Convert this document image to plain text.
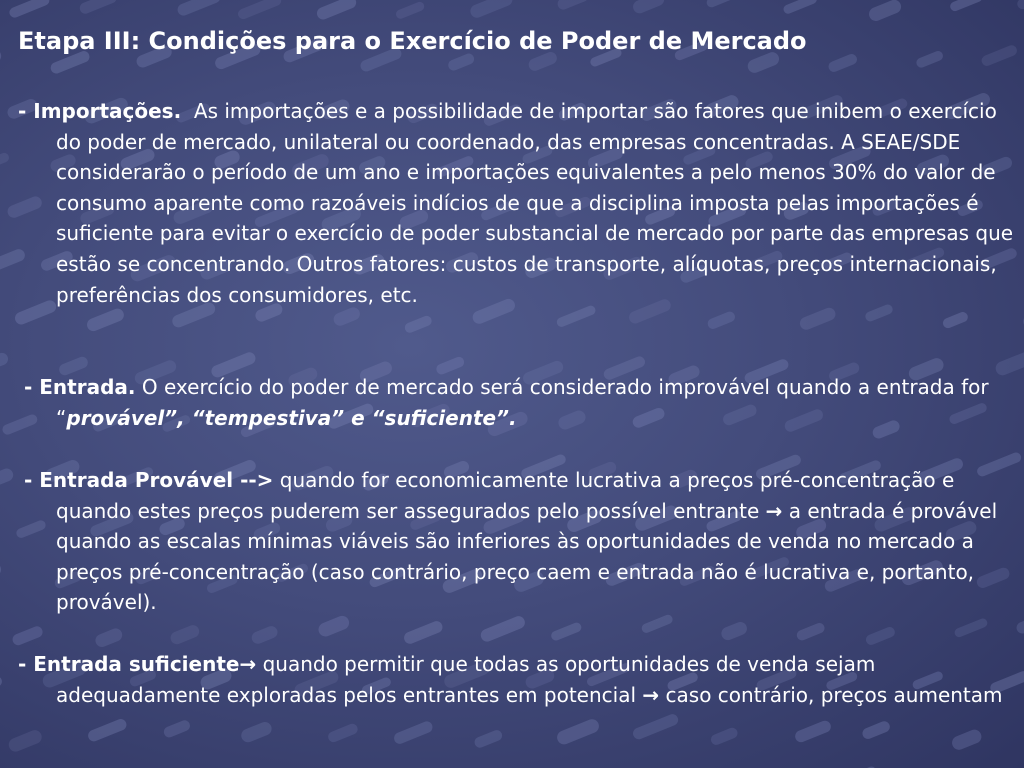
Etapa III: Condições para o Exercício de Poder de Mercado

- Importações. As importações e a possibilidade de importar são fatores que inibem o exercício do poder de mercado, unilateral ou coordenado, das empresas concentradas. A SEAE/SDE considerarão o período de um ano e importações equivalentes a pelo menos 30% do valor de consumo aparente como razoáveis indícios de que a disciplina imposta pelas importações é suficiente para evitar o exercício de poder substancial de mercado por parte das empresas que estão se concentrando. Outros fatores: custos de transporte, alíquotas, preços internacionais, preferências dos consumidores, etc.

- Entrada. O exercício do poder de mercado será considerado improvável quando a entrada for “provável”, “tempestiva” e “suficiente”.

- Entrada Provável --> quando for economicamente lucrativa a preços pré-concentração e quando estes preços puderem ser assegurados pelo possível entrante → a entrada é provável quando as escalas mínimas viáveis são inferiores às oportunidades de venda no mercado a preços pré-concentração (caso contrário, preço caem e entrada não é lucrativa e, portanto, provável).

- Entrada suficiente→ quando permitir que todas as oportunidades de venda sejam adequadamente exploradas pelos entrantes em potencial → caso contrário, preços aumentam
